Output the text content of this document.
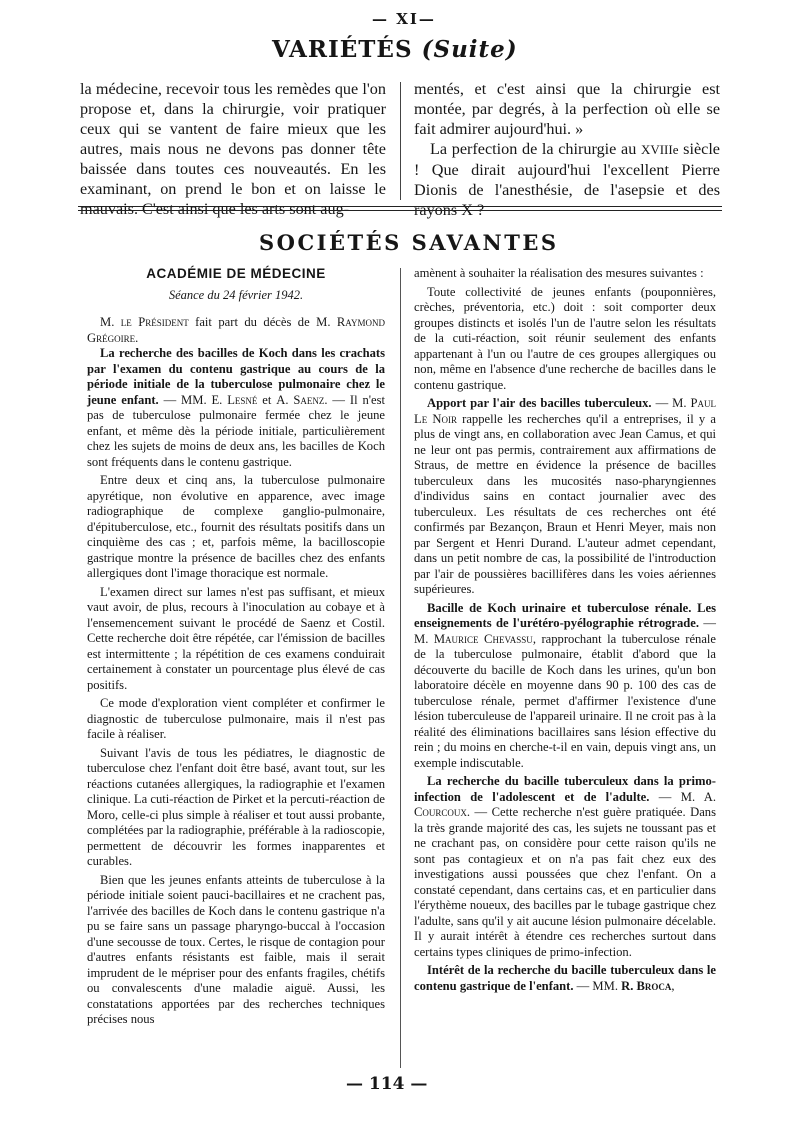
— XI—
VARIÉTÉS (Suite)

la médecine, recevoir tous les remèdes que l'on propose et, dans la chirurgie, voir pratiquer ceux qui se vantent de faire mieux que les autres, mais nous ne devons pas donner tête baissée dans toutes ces nouveautés. En les examinant, on prend le bon et on laisse le mauvais. C'est ainsi que les arts sont aug-

mentés, et c'est ainsi que la chirurgie est montée, par degrés, à la perfection où elle se fait admirer aujourd'hui. »

La perfection de la chirurgie au XVIIIe siècle ! Que dirait aujourd'hui l'excellent Pierre Dionis de l'anesthésie, de l'asepsie et des rayons X ?

SOCIÉTÉS SAVANTES
ACADÉMIE DE MÉDECINE
Séance du 24 février 1942.

M. le Président fait part du décès de M. Raymond Grégoire.

La recherche des bacilles de Koch dans les crachats par l'examen du contenu gastrique au cours de la période initiale de la tuberculose pulmonaire chez le jeune enfant. — MM. E. Lesné et A. Saenz. — Il n'est pas de tuberculose pulmonaire fermée chez le jeune enfant, et même dès la période initiale, particulièrement chez les sujets de moins de deux ans, les bacilles de Koch sont fréquents dans le contenu gastrique.

Entre deux et cinq ans, la tuberculose pulmonaire apyrétique, non évolutive en apparence, avec image radiographique de complexe ganglio-pulmonaire, d'épituberculose, etc., fournit des résultats positifs dans un cinquième des cas ; et, parfois même, la bacilloscopie gastrique montre la présence de bacilles chez des enfants allergiques dont l'image thoracique est normale.

L'examen direct sur lames n'est pas suffisant, et mieux vaut avoir, de plus, recours à l'inoculation au cobaye et à l'ensemencement suivant le procédé de Saenz et Costil. Cette recherche doit être répétée, car l'émission de bacilles est intermittente ; la répétition de ces examens conduirait certainement à constater un pourcentage plus élevé de cas positifs.

Ce mode d'exploration vient compléter et confirmer le diagnostic de tuberculose pulmonaire, mais il n'est pas facile à réaliser.

Suivant l'avis de tous les pédiatres, le diagnostic de tuberculose chez l'enfant doit être basé, avant tout, sur les réactions cutanées allergiques, la radiographie et l'examen clinique. La cuti-réaction de Pirket et la percuti-réaction de Moro, celle-ci plus simple à réaliser et tout aussi probante, complétées par la radiographie, préférable à la radioscopie, permettent de découvrir les formes inapparentes et curables.

Bien que les jeunes enfants atteints de tuberculose à la période initiale soient pauci-bacillaires et ne crachent pas, l'arrivée des bacilles de Koch dans le contenu gastrique n'a pu se faire sans un passage pharyngo-buccal à l'occasion d'une secousse de toux. Certes, le risque de contagion pour d'autres enfants résistants est faible, mais il serait imprudent de le mépriser pour des enfants fragiles, chétifs ou convalescents d'une maladie aiguë. Aussi, les constatations apportées par des recherches techniques précises nous

amènent à souhaiter la réalisation des mesures suivantes :

Toute collectivité de jeunes enfants (pouponnières, crèches, préventoria, etc.) doit : soit comporter deux groupes distincts et isolés l'un de l'autre selon les résultats de la cuti-réaction, soit réunir seulement des enfants appartenant à l'un ou l'autre de ces groupes allergiques ou non, même en l'absence d'une recherche de bacilles dans le contenu gastrique.

Apport par l'air des bacilles tuberculeux. — M. Paul Le Noir rappelle les recherches qu'il a entreprises, il y a plus de vingt ans, en collaboration avec Jean Camus, et qui ne leur ont pas permis, contrairement aux affirmations de Straus, de mettre en évidence la présence de bacilles tuberculeux dans les mucosités naso-pharyngiennes d'individus sains en contact journalier avec des tuberculeux. Les résultats de ces recherches ont été confirmés par Bezançon, Braun et Henri Meyer, mais non par Sergent et Henri Durand. L'auteur admet cependant, dans un petit nombre de cas, la possibilité de l'introduction par l'air de poussières bacillifères dans les voies aériennes supérieures.

Bacille de Koch urinaire et tuberculose rénale. Les enseignements de l'urétéro-pyélographie rétrograde. — M. Maurice Chevassu, rapprochant la tuberculose rénale de la tuberculose pulmonaire, établit d'abord que la découverte du bacille de Koch dans les urines, qu'un bon laboratoire décèle en moyenne dans 90 p. 100 des cas de tuberculose rénale, permet d'affirmer l'existence d'une lésion tuberculeuse de l'appareil urinaire. Il ne croit pas à la réalité des éliminations bacillaires sans lésion effective du rein ; du moins en cherche-t-il en vain, depuis vingt ans, un exemple indiscutable.

La recherche du bacille tuberculeux dans la primo-infection de l'adolescent et de l'adulte. — M. A. Courcoux. — Cette recherche n'est guère pratiquée. Dans la très grande majorité des cas, les sujets ne toussant pas et ne crachant pas, on considère pour cette raison qu'ils ne sont pas contagieux et on n'a pas fait chez eux des investigations aussi poussées que chez l'enfant. On a constaté cependant, dans certains cas, et en particulier dans l'érythème noueux, des bacilles par le tubage gastrique chez l'adulte, sans qu'il y ait aucune lésion pulmonaire décelable. Il y aurait intérêt à étendre ces recherches surtout dans certains types cliniques de primo-infection.

Intérêt de la recherche du bacille tuberculeux dans le contenu gastrique de l'enfant. — MM. R. Broca,

— 114 —
